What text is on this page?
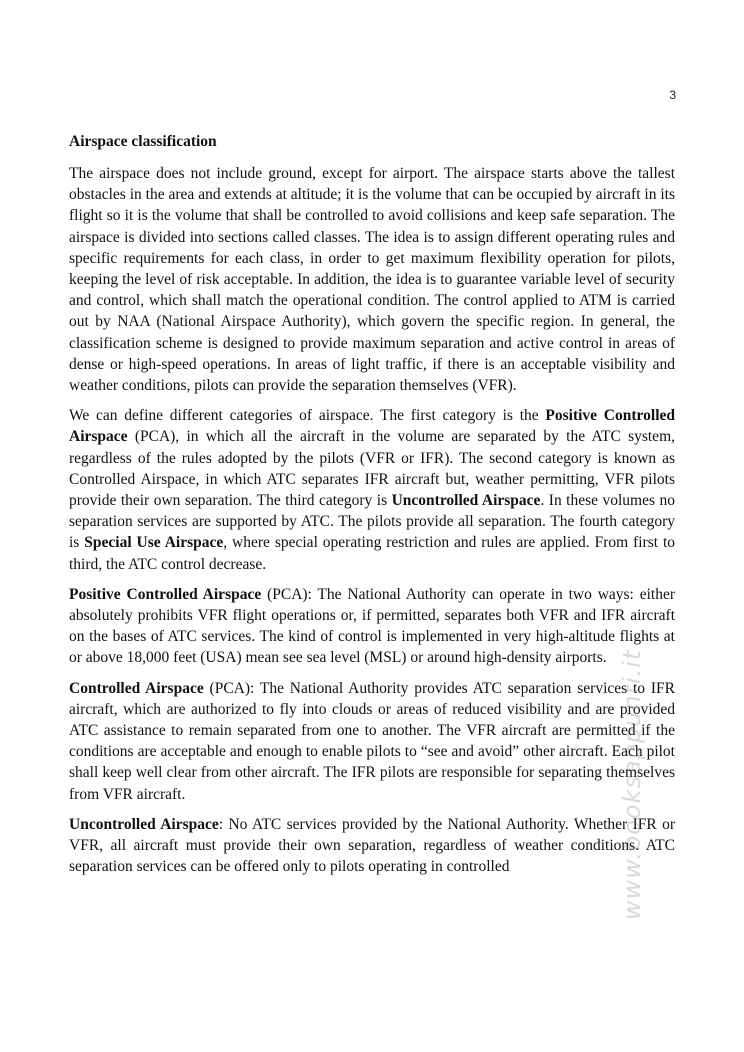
3
Airspace classification

The airspace does not include ground, except for airport. The airspace starts above the tallest obstacles in the area and extends at altitude; it is the volume that can be occupied by aircraft in its flight so it is the volume that shall be controlled to avoid collisions and keep safe separation. The airspace is divided into sections called classes. The idea is to assign different operating rules and specific requirements for each class, in order to get maximum flexibility operation for pilots, keeping the level of risk acceptable. In addition, the idea is to guarantee variable level of security and control, which shall match the operational condition. The control applied to ATM is carried out by NAA (National Airspace Authority), which govern the specific region. In general, the classification scheme is designed to provide maximum separation and active control in areas of dense or high-speed operations. In areas of light traffic, if there is an acceptable visibility and weather conditions, pilots can provide the separation themselves (VFR).

We can define different categories of airspace. The first category is the Positive Controlled Airspace (PCA), in which all the aircraft in the volume are separated by the ATC system, regardless of the rules adopted by the pilots (VFR or IFR). The second category is known as Controlled Airspace, in which ATC separates IFR aircraft but, weather permitting, VFR pilots provide their own separation. The third category is Uncontrolled Airspace. In these volumes no separation services are supported by ATC. The pilots provide all separation. The fourth category is Special Use Airspace, where special operating restriction and rules are applied. From first to third, the ATC control decrease.

Positive Controlled Airspace (PCA): The National Authority can operate in two ways: either absolutely prohibits VFR flight operations or, if permitted, separates both VFR and IFR aircraft on the bases of ATC services. The kind of control is implemented in very high-altitude flights at or above 18,000 feet (USA) mean see sea level (MSL) or around high-density airports.

Controlled Airspace (PCA): The National Authority provides ATC separation services to IFR aircraft, which are authorized to fly into clouds or areas of reduced visibility and are provided ATC assistance to remain separated from one to another. The VFR aircraft are permitted if the conditions are acceptable and enough to enable pilots to “see and avoid” other aircraft. Each pilot shall keep well clear from other aircraft. The IFR pilots are responsible for separating themselves from VFR aircraft.

Uncontrolled Airspace: No ATC services provided by the National Authority. Whether IFR or VFR, all aircraft must provide their own separation, regardless of weather conditions. ATC separation services can be offered only to pilots operating in controlled	www.booksappunti.it
